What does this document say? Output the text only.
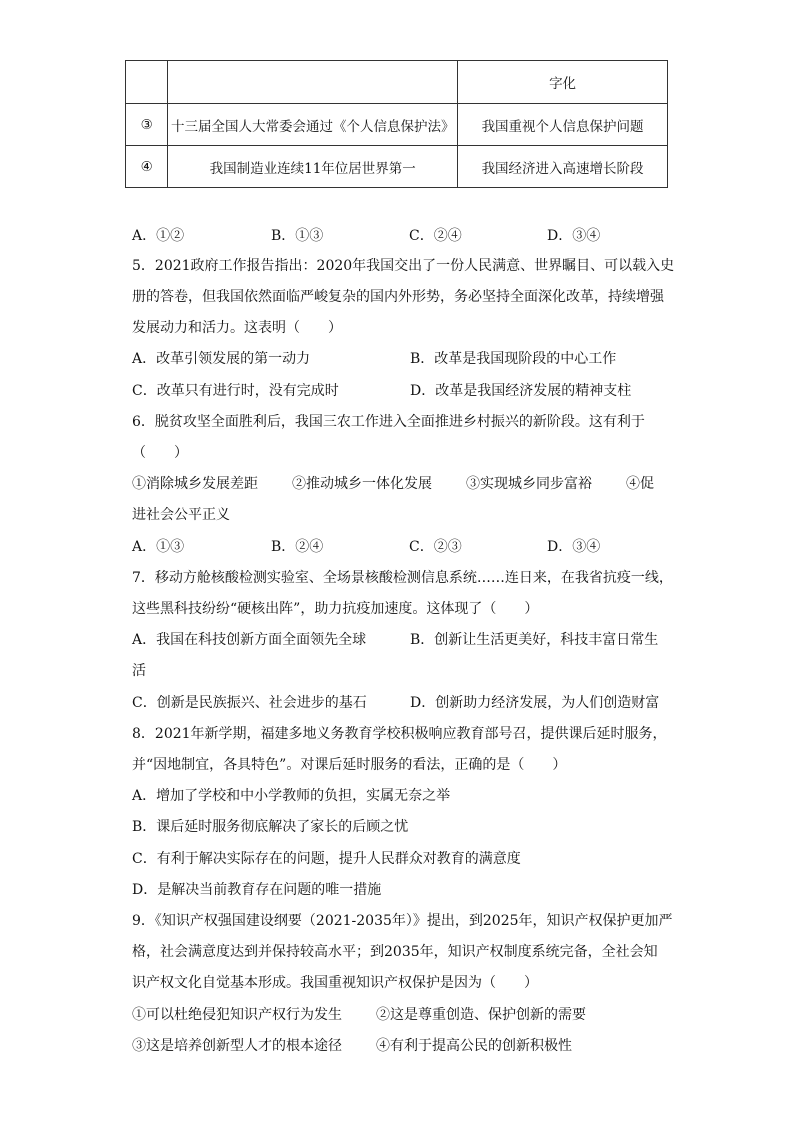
		字化
③	十三届全国人大常委会通过《个人信息保护法》	我国重视个人信息保护问题
④	我国制造业连续11年位居世界第一	我国经济进入高速增长阶段
A．①②	B．①③	C．②④	D．③④
5．2021政府工作报告指出：2020年我国交出了一份人民满意、世界瞩目、可以载入史
册的答卷，但我国依然面临严峻复杂的国内外形势，务必坚持全面深化改革，持续增强
发展动力和活力。这表明（　　）
A．改革引领发展的第一动力	B．改革是我国现阶段的中心工作
C．改革只有进行时，没有完成时	D．改革是我国经济发展的精神支柱
6．脱贫攻坚全面胜利后，我国三农工作进入全面推进乡村振兴的新阶段。这有利于
（　　）
①消除城乡发展差距 ②推动城乡一体化发展 ③实现城乡同步富裕 ④促
进社会公平正义
A．①③	B．②④	C．②③	D．③④
7．移动方舱核酸检测实验室、全场景核酸检测信息系统……连日来，在我省抗疫一线，
这些黑科技纷纷“硬核出阵”，助力抗疫加速度。这体现了（　　）
A．我国在科技创新方面全面领先全球	B．创新让生活更美好，科技丰富日常生
活
C．创新是民族振兴、社会进步的基石	D．创新助力经济发展，为人们创造财富
8．2021年新学期，福建多地义务教育学校积极响应教育部号召，提供课后延时服务，
并“因地制宜，各具特色”。对课后延时服务的看法，正确的是（　　）
A．增加了学校和中小学教师的负担，实属无奈之举
B．课后延时服务彻底解决了家长的后顾之忧
C．有利于解决实际存在的问题，提升人民群众对教育的满意度
D．是解决当前教育存在问题的唯一措施
9．《知识产权强国建设纲要（2021-2035年）》提出，到2025年，知识产权保护更加严
格，社会满意度达到并保持较高水平；到2035年，知识产权制度系统完备，全社会知
识产权文化自觉基本形成。我国重视知识产权保护是因为（　　）
①可以杜绝侵犯知识产权行为发生 ②这是尊重创造、保护创新的需要
③这是培养创新型人才的根本途径 ④有利于提高公民的创新积极性
